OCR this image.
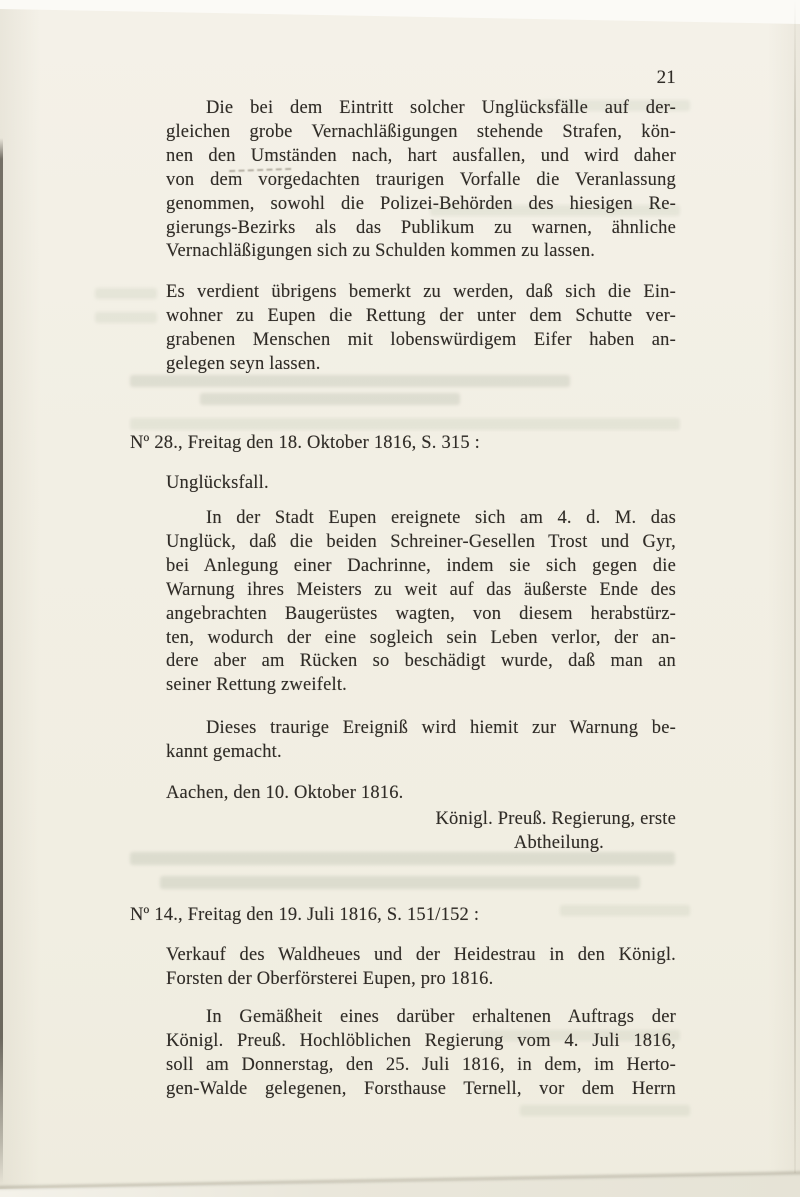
21
Die bei dem Eintritt solcher Unglücksfälle auf der-
gleichen grobe Vernachläßigungen stehende Strafen, kön-
nen den Umständen nach, hart ausfallen, und wird daher
von dem vorgedachten traurigen Vorfalle die Veranlassung
genommen, sowohl die Polizei-Behörden des hiesigen Re-
gierungs-Bezirks als das Publikum zu warnen, ähnliche
Vernachläßigungen sich zu Schulden kommen zu lassen.
Es verdient übrigens bemerkt zu werden, daß sich die Ein-
wohner zu Eupen die Rettung der unter dem Schutte ver-
grabenen Menschen mit lobenswürdigem Eifer haben an-
gelegen seyn lassen.
Nº 28., Freitag den 18. Oktober 1816, S. 315 :
Unglücksfall.
In der Stadt Eupen ereignete sich am 4. d. M. das
Unglück, daß die beiden Schreiner-Gesellen Trost und Gyr,
bei Anlegung einer Dachrinne, indem sie sich gegen die
Warnung ihres Meisters zu weit auf das äußerste Ende des
angebrachten Baugerüstes wagten, von diesem herabstürz-
ten, wodurch der eine sogleich sein Leben verlor, der an-
dere aber am Rücken so beschädigt wurde, daß man an
seiner Rettung zweifelt.
Dieses traurige Ereigniß wird hiemit zur Warnung be-
kannt gemacht.
Aachen, den 10. Oktober 1816.
Königl. Preuß. Regierung, erste
Abtheilung.
Nº 14., Freitag den 19. Juli 1816, S. 151/152 :
Verkauf des Waldheues und der Heidestrau in den Königl.
Forsten der Oberförsterei Eupen, pro 1816.
In Gemäßheit eines darüber erhaltenen Auftrags der
Königl. Preuß. Hochlöblichen Regierung vom 4. Juli 1816,
soll am Donnerstag, den 25. Juli 1816, in dem, im Herto-
gen-Walde gelegenen, Forsthause Ternell, vor dem Herrn
